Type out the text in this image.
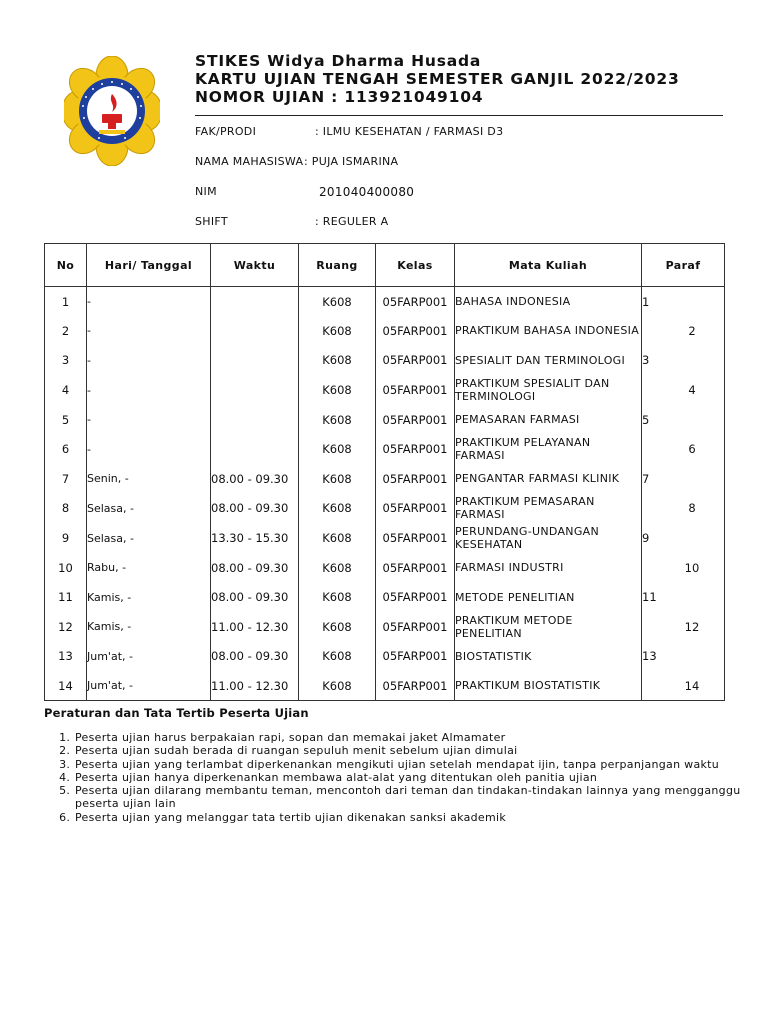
STIKES Widya Dharma Husada
KARTU UJIAN TENGAH SEMESTER GANJIL 2022/2023
NOMOR UJIAN : 113921049104
FAK/PRODI	: ILMU KESEHATAN / FARMASI D3
NAMA MAHASISWA : PUJA ISMARINA
NIM	201040400080
SHIFT	: REGULER A
No	Hari/ Tanggal	Waktu	Ruang	Kelas	Mata Kuliah	Paraf
1	-		K608	05FARP001	BAHASA INDONESIA	1
2	-		K608	05FARP001	PRAKTIKUM BAHASA INDONESIA	2
3	-		K608	05FARP001	SPESIALIT DAN TERMINOLOGI	3
4	-		K608	05FARP001	PRAKTIKUM SPESIALIT DAN TERMINOLOGI	4
5	-		K608	05FARP001	PEMASARAN FARMASI	5
6	-		K608	05FARP001	PRAKTIKUM PELAYANAN FARMASI	6
7	Senin, -	08.00 - 09.30	K608	05FARP001	PENGANTAR FARMASI KLINIK	7
8	Selasa, -	08.00 - 09.30	K608	05FARP001	PRAKTIKUM PEMASARAN FARMASI	8
9	Selasa, -	13.30 - 15.30	K608	05FARP001	PERUNDANG-UNDANGAN KESEHATAN	9
10	Rabu, -	08.00 - 09.30	K608	05FARP001	FARMASI INDUSTRI	10
11	Kamis, -	08.00 - 09.30	K608	05FARP001	METODE PENELITIAN	11
12	Kamis, -	11.00 - 12.30	K608	05FARP001	PRAKTIKUM METODE PENELITIAN	12
13	Jum'at, -	08.00 - 09.30	K608	05FARP001	BIOSTATISTIK	13
14	Jum'at, -	11.00 - 12.30	K608	05FARP001	PRAKTIKUM BIOSTATISTIK	14
Peraturan dan Tata Tertib Peserta Ujian
1. Peserta ujian harus berpakaian rapi, sopan dan memakai jaket Almamater
2. Peserta ujian sudah berada di ruangan sepuluh menit sebelum ujian dimulai
3. Peserta ujian yang terlambat diperkenankan mengikuti ujian setelah mendapat ijin, tanpa perpanjangan waktu
4. Peserta ujian hanya diperkenankan membawa alat-alat yang ditentukan oleh panitia ujian
5. Peserta ujian dilarang membantu teman, mencontoh dari teman dan tindakan-tindakan lainnya yang mengganggu peserta ujian lain
6. Peserta ujian yang melanggar tata tertib ujian dikenakan sanksi akademik
